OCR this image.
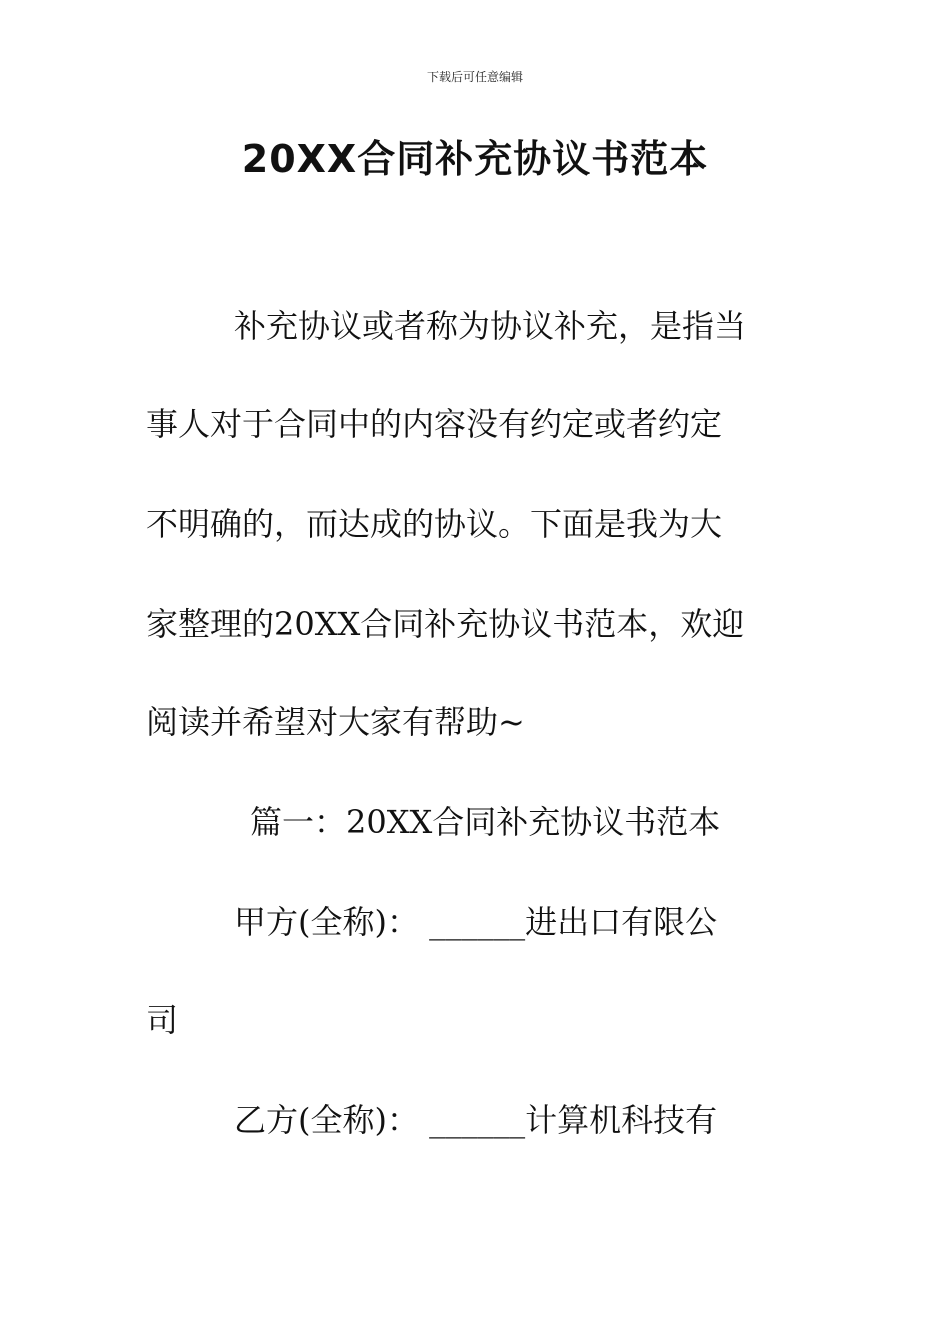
下载后可任意编辑
20XX合同补充协议书范本
补充协议或者称为协议补充，是指当
事人对于合同中的内容没有约定或者约定
不明确的，而达成的协议。下面是我为大
家整理的20XX合同补充协议书范本，欢迎
阅读并希望对大家有帮助~
篇一：20XX合同补充协议书范本
甲方(全称)： ______进出口有限公
司
乙方(全称)： ______计算机科技有
